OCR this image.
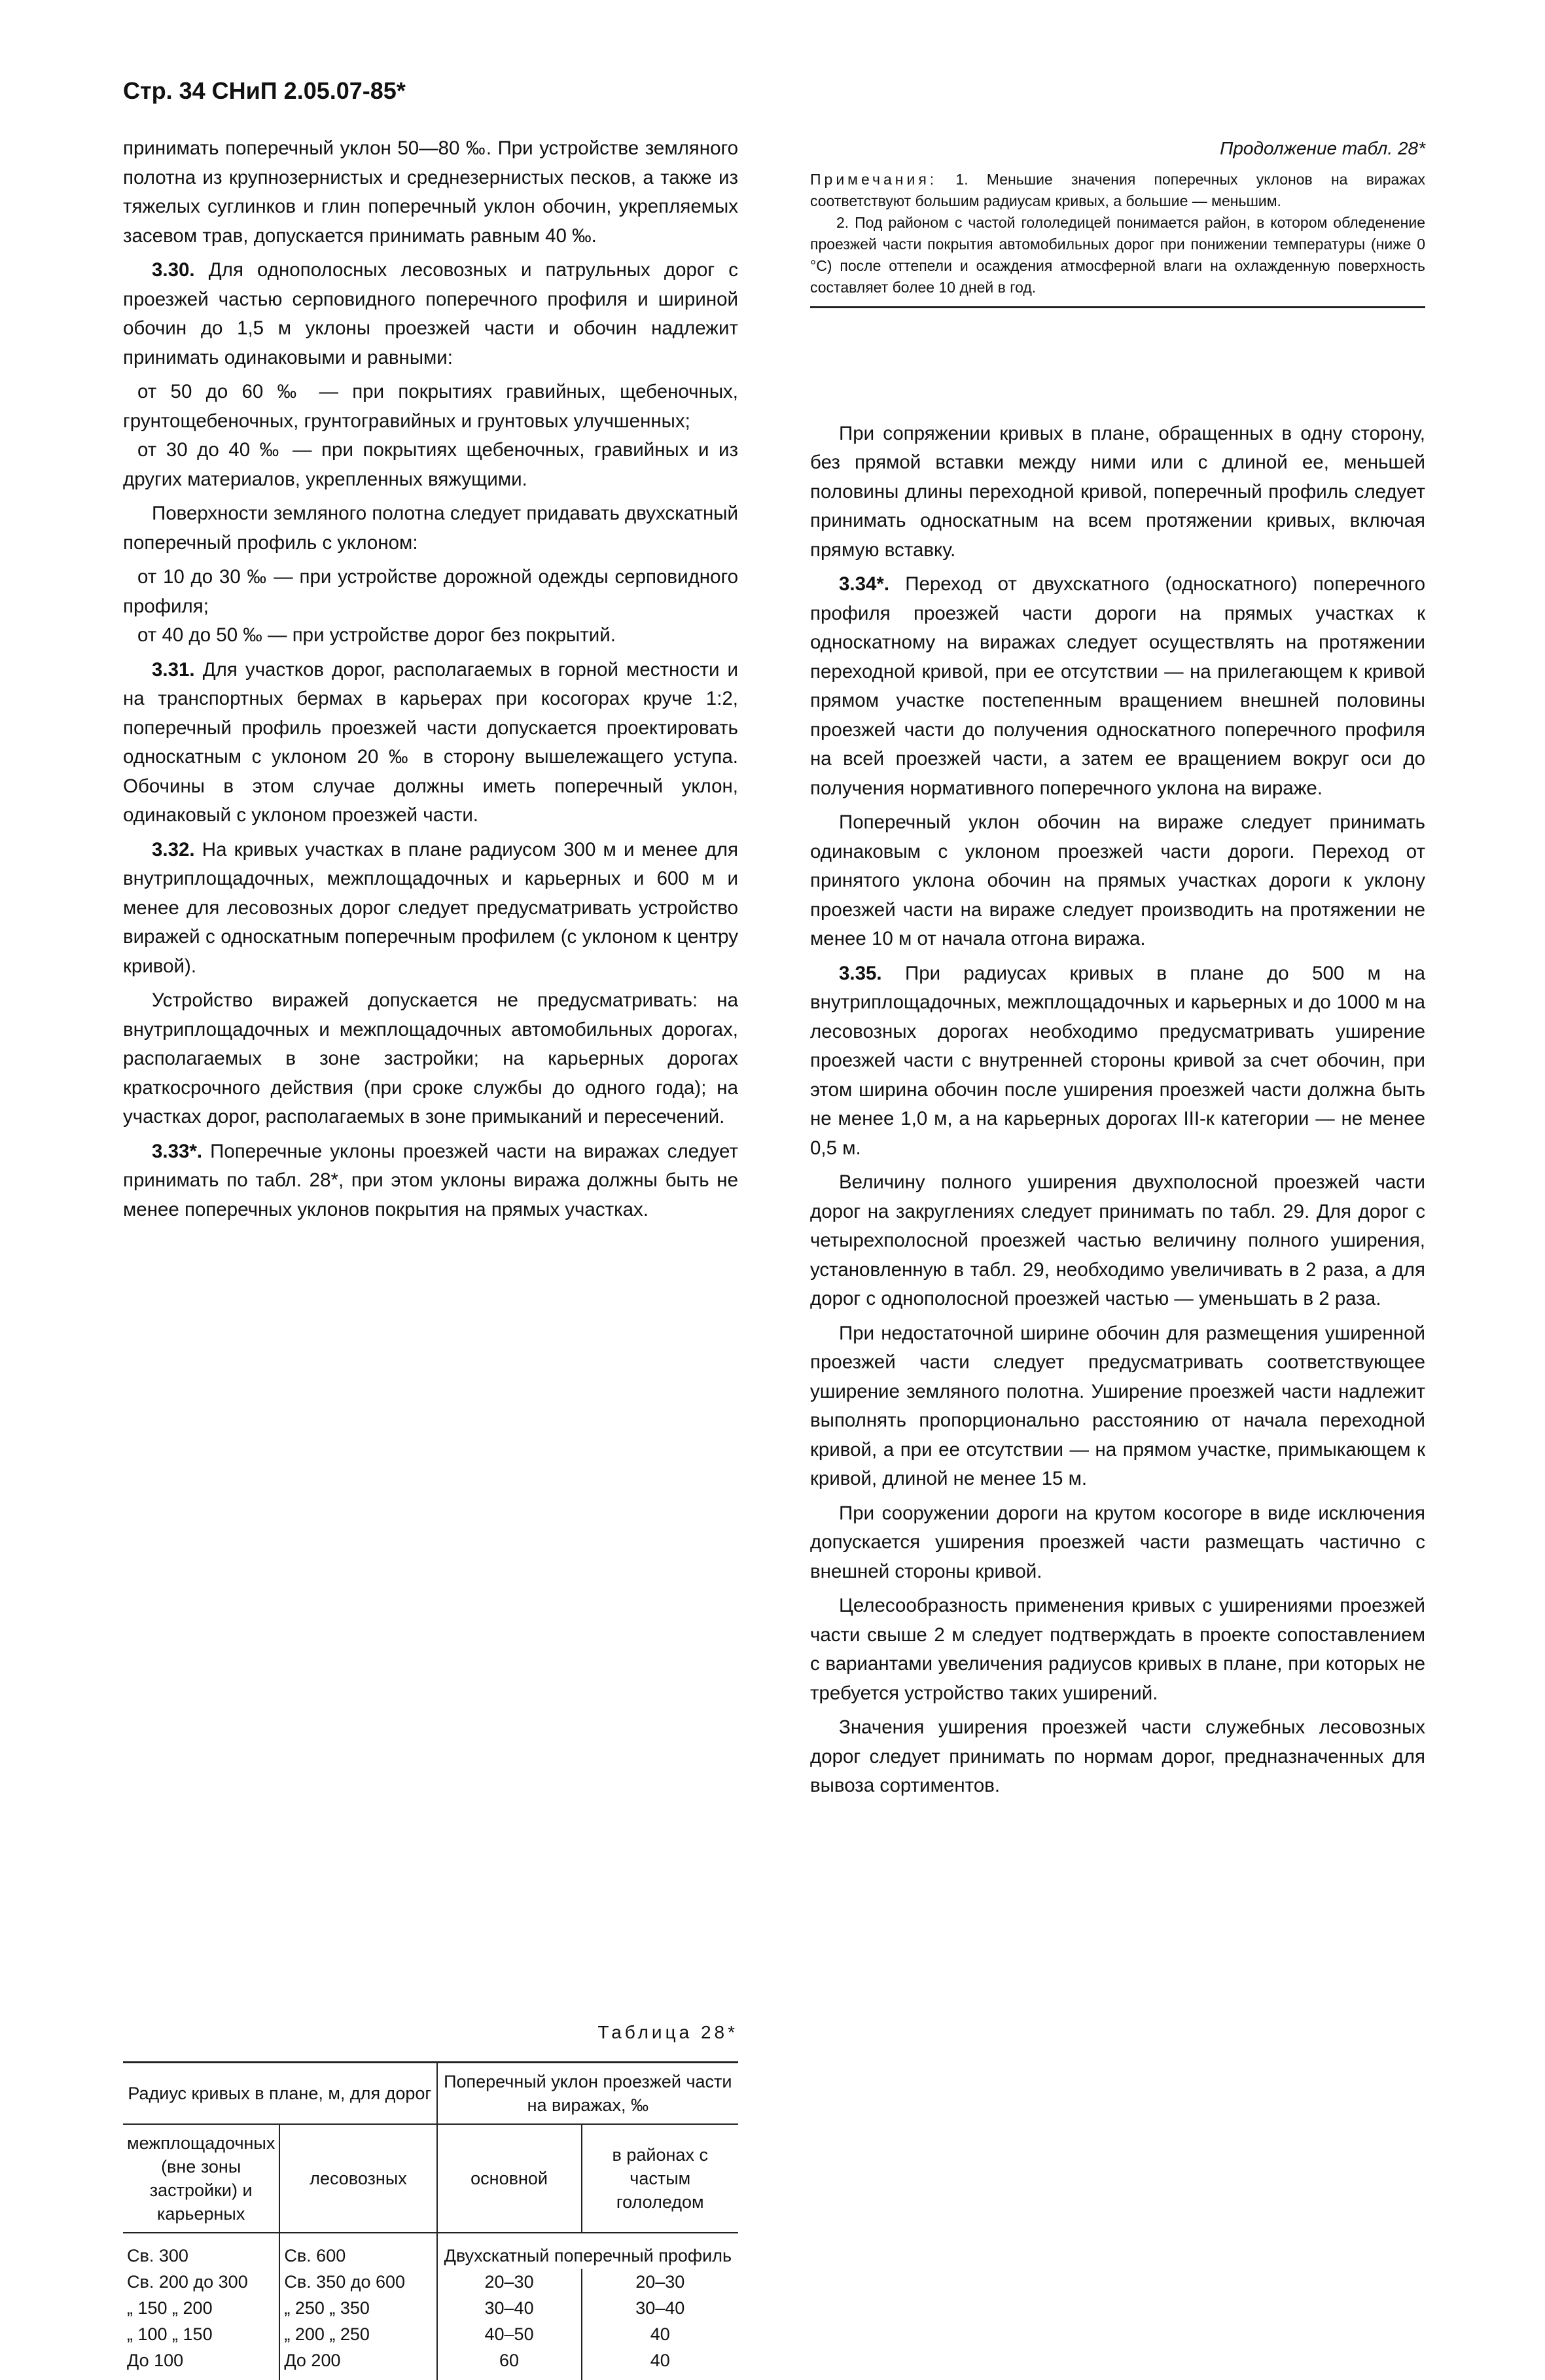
Стр. 34 СНиП 2.05.07-85*

принимать поперечный уклон 50—80 ‰. При устройстве земляного полотна из крупнозернистых и среднезернистых песков, а также из тяжелых суглинков и глин поперечный уклон обочин, укрепляемых засевом трав, допускается принимать равным 40 ‰.

3.30. Для однополосных лесовозных и патрульных дорог с проезжей частью серповидного поперечного профиля и шириной обочин до 1,5 м уклоны проезжей части и обочин надлежит принимать одинаковыми и равными:

от 50 до 60 ‰ — при покрытиях гравийных, щебеночных, грунтощебеночных, грунтогравийных и грунтовых улучшенных;

от 30 до 40 ‰ — при покрытиях щебеночных, гравийных и из других материалов, укрепленных вяжущими.

Поверхности земляного полотна следует придавать двухскатный поперечный профиль с уклоном:

от 10 до 30 ‰ — при устройстве дорожной одежды серповидного профиля;

от 40 до 50 ‰ — при устройстве дорог без покрытий.

3.31. Для участков дорог, располагаемых в горной местности и на транспортных бермах в карьерах при косогорах круче 1:2, поперечный профиль проезжей части допускается проектировать односкатным с уклоном 20 ‰ в сторону вышележащего уступа. Обочины в этом случае должны иметь поперечный уклон, одинаковый с уклоном проезжей части.

3.32. На кривых участках в плане радиусом 300 м и менее для внутриплощадочных, межплощадочных и карьерных и 600 м и менее для лесовозных дорог следует предусматривать устройство виражей с односкатным поперечным профилем (с уклоном к центру кривой).

Устройство виражей допускается не предусматривать: на внутриплощадочных и межплощадочных автомобильных дорогах, располагаемых в зоне застройки; на карьерных дорогах краткосрочного действия (при сроке службы до одного года); на участках дорог, располагаемых в зоне примыканий и пересечений.

3.33*. Поперечные уклоны проезжей части на виражах следует принимать по табл. 28*, при этом уклоны виража должны быть не менее поперечных уклонов покрытия на прямых участках.

Таблица 28*
Радиус кривых в плане, м, для дорог		Поперечный уклон проезжей части на виражах, ‰	
межплощадочных (вне зоны застройки) и карьерных	лесовозных	основной	в районах с частым гололедом
Св. 300	Св. 600	Двухскатный поперечный профиль	
Св. 200 до 300	Св. 350 до 600	20–30	20–30
„ 150 „ 200	„ 250 „ 350	30–40	30–40
„ 100 „ 150	„ 200 „ 250	40–50	40
До 100	До 200	60	40

Продолжение табл. 28*

Примечания: 1. Меньшие значения поперечных уклонов на виражах соответствуют большим радиусам кривых, а большие — меньшим.

2. Под районом с частой гололедицей понимается район, в котором обледенение проезжей части покрытия автомобильных дорог при понижении температуры (ниже 0 °С) после оттепели и осаждения атмосферной влаги на охлажденную поверхность составляет более 10 дней в год.

При сопряжении кривых в плане, обращенных в одну сторону, без прямой вставки между ними или с длиной ее, меньшей половины длины переходной кривой, поперечный профиль следует принимать односкатным на всем протяжении кривых, включая прямую вставку.

3.34*. Переход от двухскатного (односкатного) поперечного профиля проезжей части дороги на прямых участках к односкатному на виражах следует осуществлять на протяжении переходной кривой, при ее отсутствии — на прилегающем к кривой прямом участке постепенным вращением внешней половины проезжей части до получения односкатного поперечного профиля на всей проезжей части, а затем ее вращением вокруг оси до получения нормативного поперечного уклона на вираже.

Поперечный уклон обочин на вираже следует принимать одинаковым с уклоном проезжей части дороги. Переход от принятого уклона обочин на прямых участках дороги к уклону проезжей части на вираже следует производить на протяжении не менее 10 м от начала отгона виража.

3.35. При радиусах кривых в плане до 500 м на внутриплощадочных, межплощадочных и карьерных и до 1000 м на лесовозных дорогах необходимо предусматривать уширение проезжей части с внутренней стороны кривой за счет обочин, при этом ширина обочин после уширения проезжей части должна быть не менее 1,0 м, а на карьерных дорогах III-к категории — не менее 0,5 м.

Величину полного уширения двухполосной проезжей части дорог на закруглениях следует принимать по табл. 29. Для дорог с четырехполосной проезжей частью величину полного уширения, установленную в табл. 29, необходимо увеличивать в 2 раза, а для дорог с однополосной проезжей частью — уменьшать в 2 раза.

При недостаточной ширине обочин для размещения уширенной проезжей части следует предусматривать соответствующее уширение земляного полотна. Уширение проезжей части надлежит выполнять пропорционально расстоянию от начала переходной кривой, а при ее отсутствии — на прямом участке, примыкающем к кривой, длиной не менее 15 м.

При сооружении дороги на крутом косогоре в виде исключения допускается уширения проезжей части размещать частично с внешней стороны кривой.

Целесообразность применения кривых с уширениями проезжей части свыше 2 м следует подтверждать в проекте сопоставлением с вариантами увеличения радиусов кривых в плане, при которых не требуется устройство таких уширений.

Значения уширения проезжей части служебных лесовозных дорог следует принимать по нормам дорог, предназначенных для вывоза сортиментов.
